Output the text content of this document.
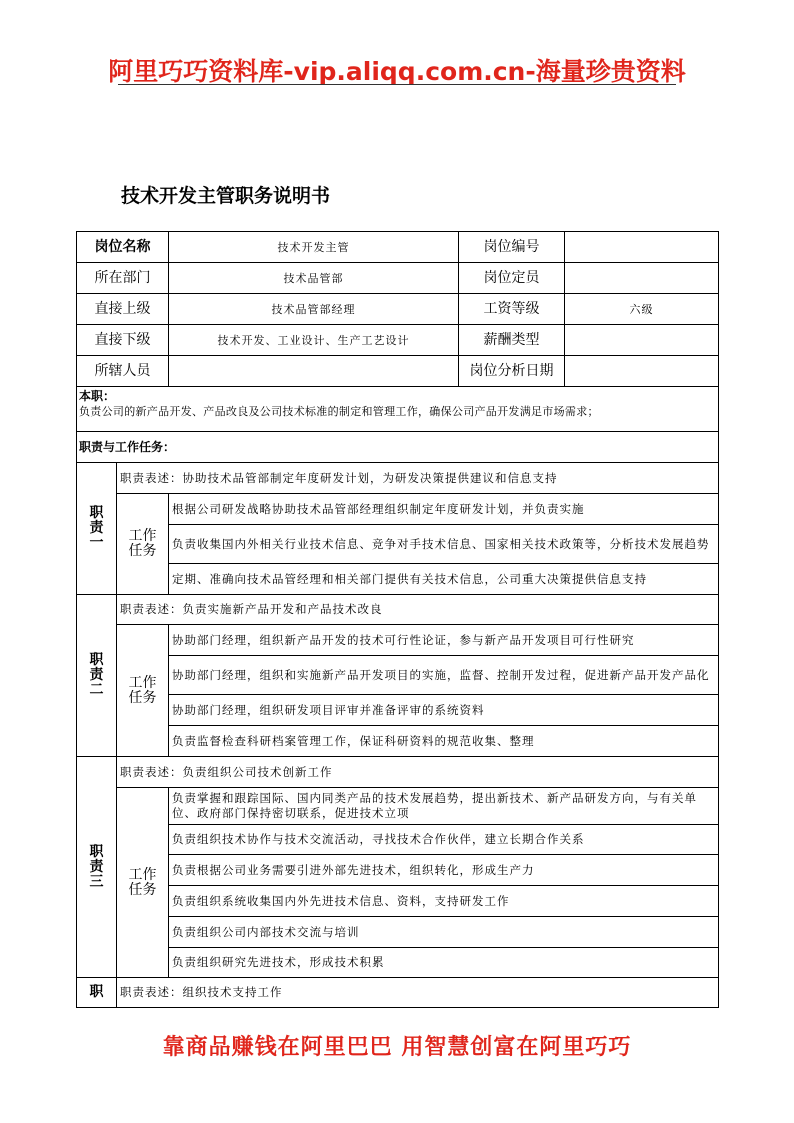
阿里巧巧资料库-vip.aliqq.com.cn-海量珍贵资料
技术开发主管职务说明书
岗位名称		技术开发主管	岗位编号	
所在部门		技术品管部	岗位定员	
直接上级		技术品管部经理	工资等级	六级
直接下级		技术开发、工业设计、生产工艺设计	薪酬类型	
所辖人员			岗位分析日期	

本职：
负责公司的新产品开发、产品改良及公司技术标准的制定和管理工作，确保公司产品开发满足市场需求；				

职责与工作任务：				
职责一	职责表述：协助技术品管部制定年度研发计划，为研发决策提供建议和信息支持			
	工作任务	根据公司研发战略协助技术品管部经理组织制定年度研发计划，并负责实施		
		负责收集国内外相关行业技术信息、竞争对手技术信息、国家相关技术政策等，分析技术发展趋势		
		定期、准确向技术品管经理和相关部门提供有关技术信息，公司重大决策提供信息支持		
职责二	职责表述：负责实施新产品开发和产品技术改良			
	工作任务	协助部门经理，组织新产品开发的技术可行性论证，参与新产品开发项目可行性研究		
		协助部门经理，组织和实施新产品开发项目的实施，监督、控制开发过程，促进新产品开发产品化		
		协助部门经理，组织研发项目评审并准备评审的系统资料		
		负责监督检查科研档案管理工作，保证科研资料的规范收集、整理		
职责三	职责表述：负责组织公司技术创新工作			
	工作任务	负责掌握和跟踪国际、国内同类产品的技术发展趋势，提出新技术、新产品研发方向，与有关单位、政府部门保持密切联系，促进技术立项		
		负责组织技术协作与技术交流活动，寻找技术合作伙伴，建立长期合作关系		
		负责根据公司业务需要引进外部先进技术，组织转化，形成生产力		
		负责组织系统收集国内外先进技术信息、资料，支持研发工作		
		负责组织公司内部技术交流与培训		
		负责组织研究先进技术，形成技术积累		
职	职责表述：组织技术支持工作			
靠商品赚钱在阿里巴巴 用智慧创富在阿里巧巧
